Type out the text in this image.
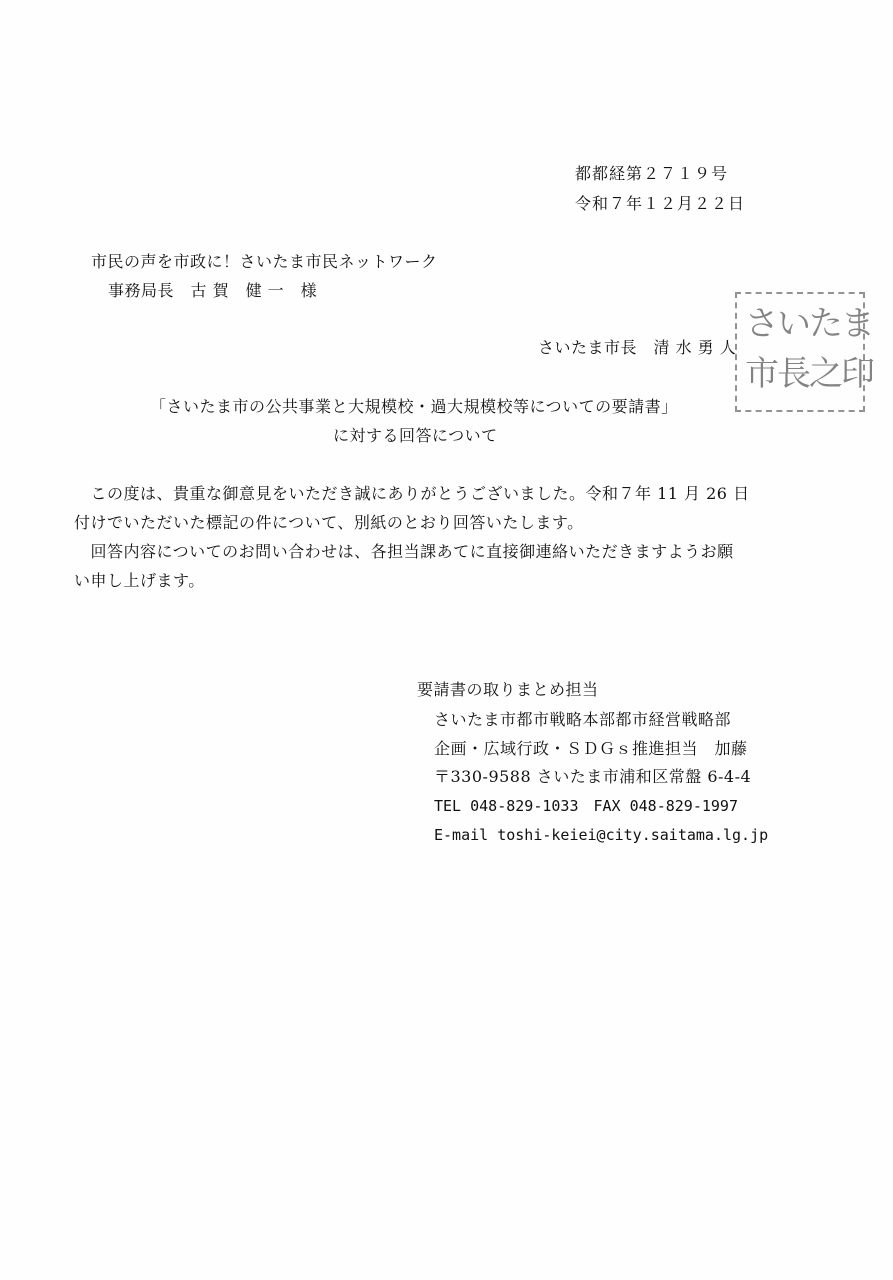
都都経第２７１９号
令和７年１２月２２日
市民の声を市政に！さいたま市民ネットワーク
事務局長　古 賀　健 一　様
さいたま市長　清 水 勇 人
さいたま
市長之印
「さいたま市の公共事業と大規模校・過大規模校等についての要請書」
に対する回答について
　この度は、貴重な御意見をいただき誠にありがとうございました。令和７年 11 月 26 日
付けでいただいた標記の件について、別紙のとおり回答いたします。
　回答内容についてのお問い合わせは、各担当課あてに直接御連絡いただきますようお願
い申し上げます。
要請書の取りまとめ担当
さいたま市都市戦略本部都市経営戦略部
企画・広域行政・ＳＤＧｓ推進担当　加藤
〒330-9588 さいたま市浦和区常盤 6-4-4
TEL 048-829-1033　FAX 048-829-1997
E-mail toshi-keiei@city.saitama.lg.jp
